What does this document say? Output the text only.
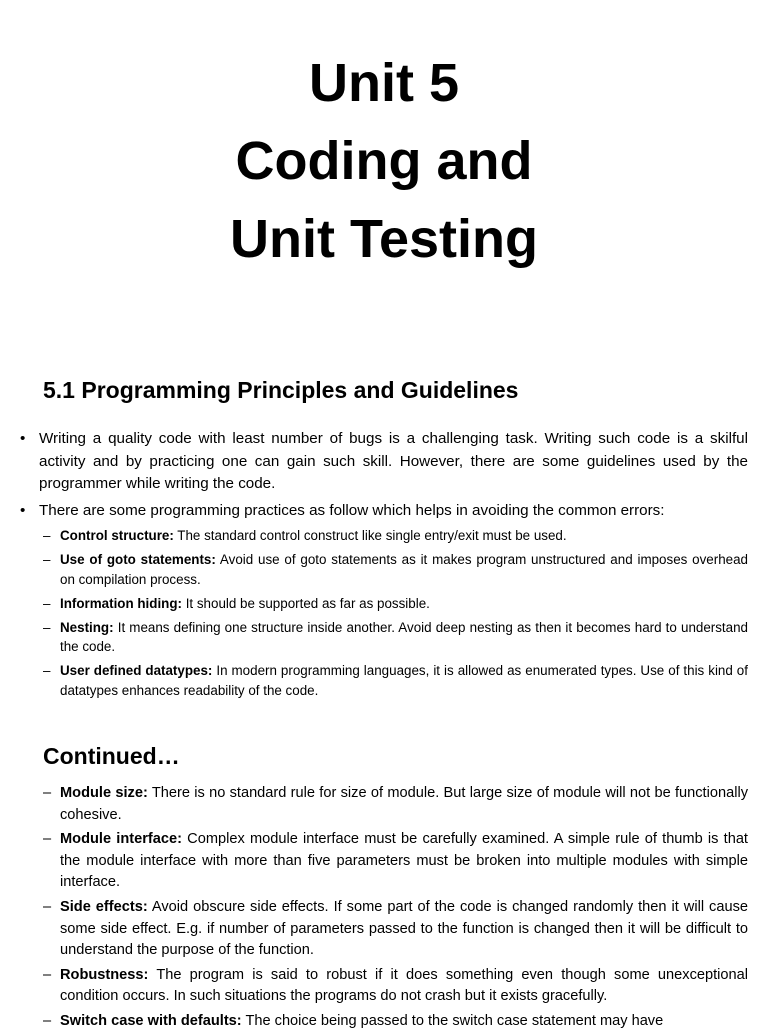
Unit 5
Coding and
Unit Testing
5.1 Programming Principles and Guidelines
• Writing a quality code with least number of bugs is a challenging task. Writing such code is a skilful activity and by practicing one can gain such skill. However, there are some guidelines used by the programmer while writing the code.
• There are some programming practices as follow which helps in avoiding the common errors:
– Control structure: The standard control construct like single entry/exit must be used.
– Use of goto statements: Avoid use of goto statements as it makes program unstructured and imposes overhead on compilation process.
– Information hiding: It should be supported as far as possible.
– Nesting: It means defining one structure inside another. Avoid deep nesting as then it becomes hard to understand the code.
– User defined datatypes: In modern programming languages, it is allowed as enumerated types. Use of this kind of datatypes enhances readability of the code.
Continued…
– Module size: There is no standard rule for size of module. But large size of module will not be functionally cohesive.
– Module interface: Complex module interface must be carefully examined. A simple rule of thumb is that the module interface with more than five parameters must be broken into multiple modules with simple interface.
– Side effects: Avoid obscure side effects. If some part of the code is changed randomly then it will cause some side effect. E.g. if number of parameters passed to the function is changed then it will be difficult to understand the purpose of the function.
– Robustness: The program is said to robust if it does something even though some unexceptional condition occurs. In such situations the programs do not crash but it exists gracefully.
– Switch case with defaults: The choice being passed to the switch case statement may have
